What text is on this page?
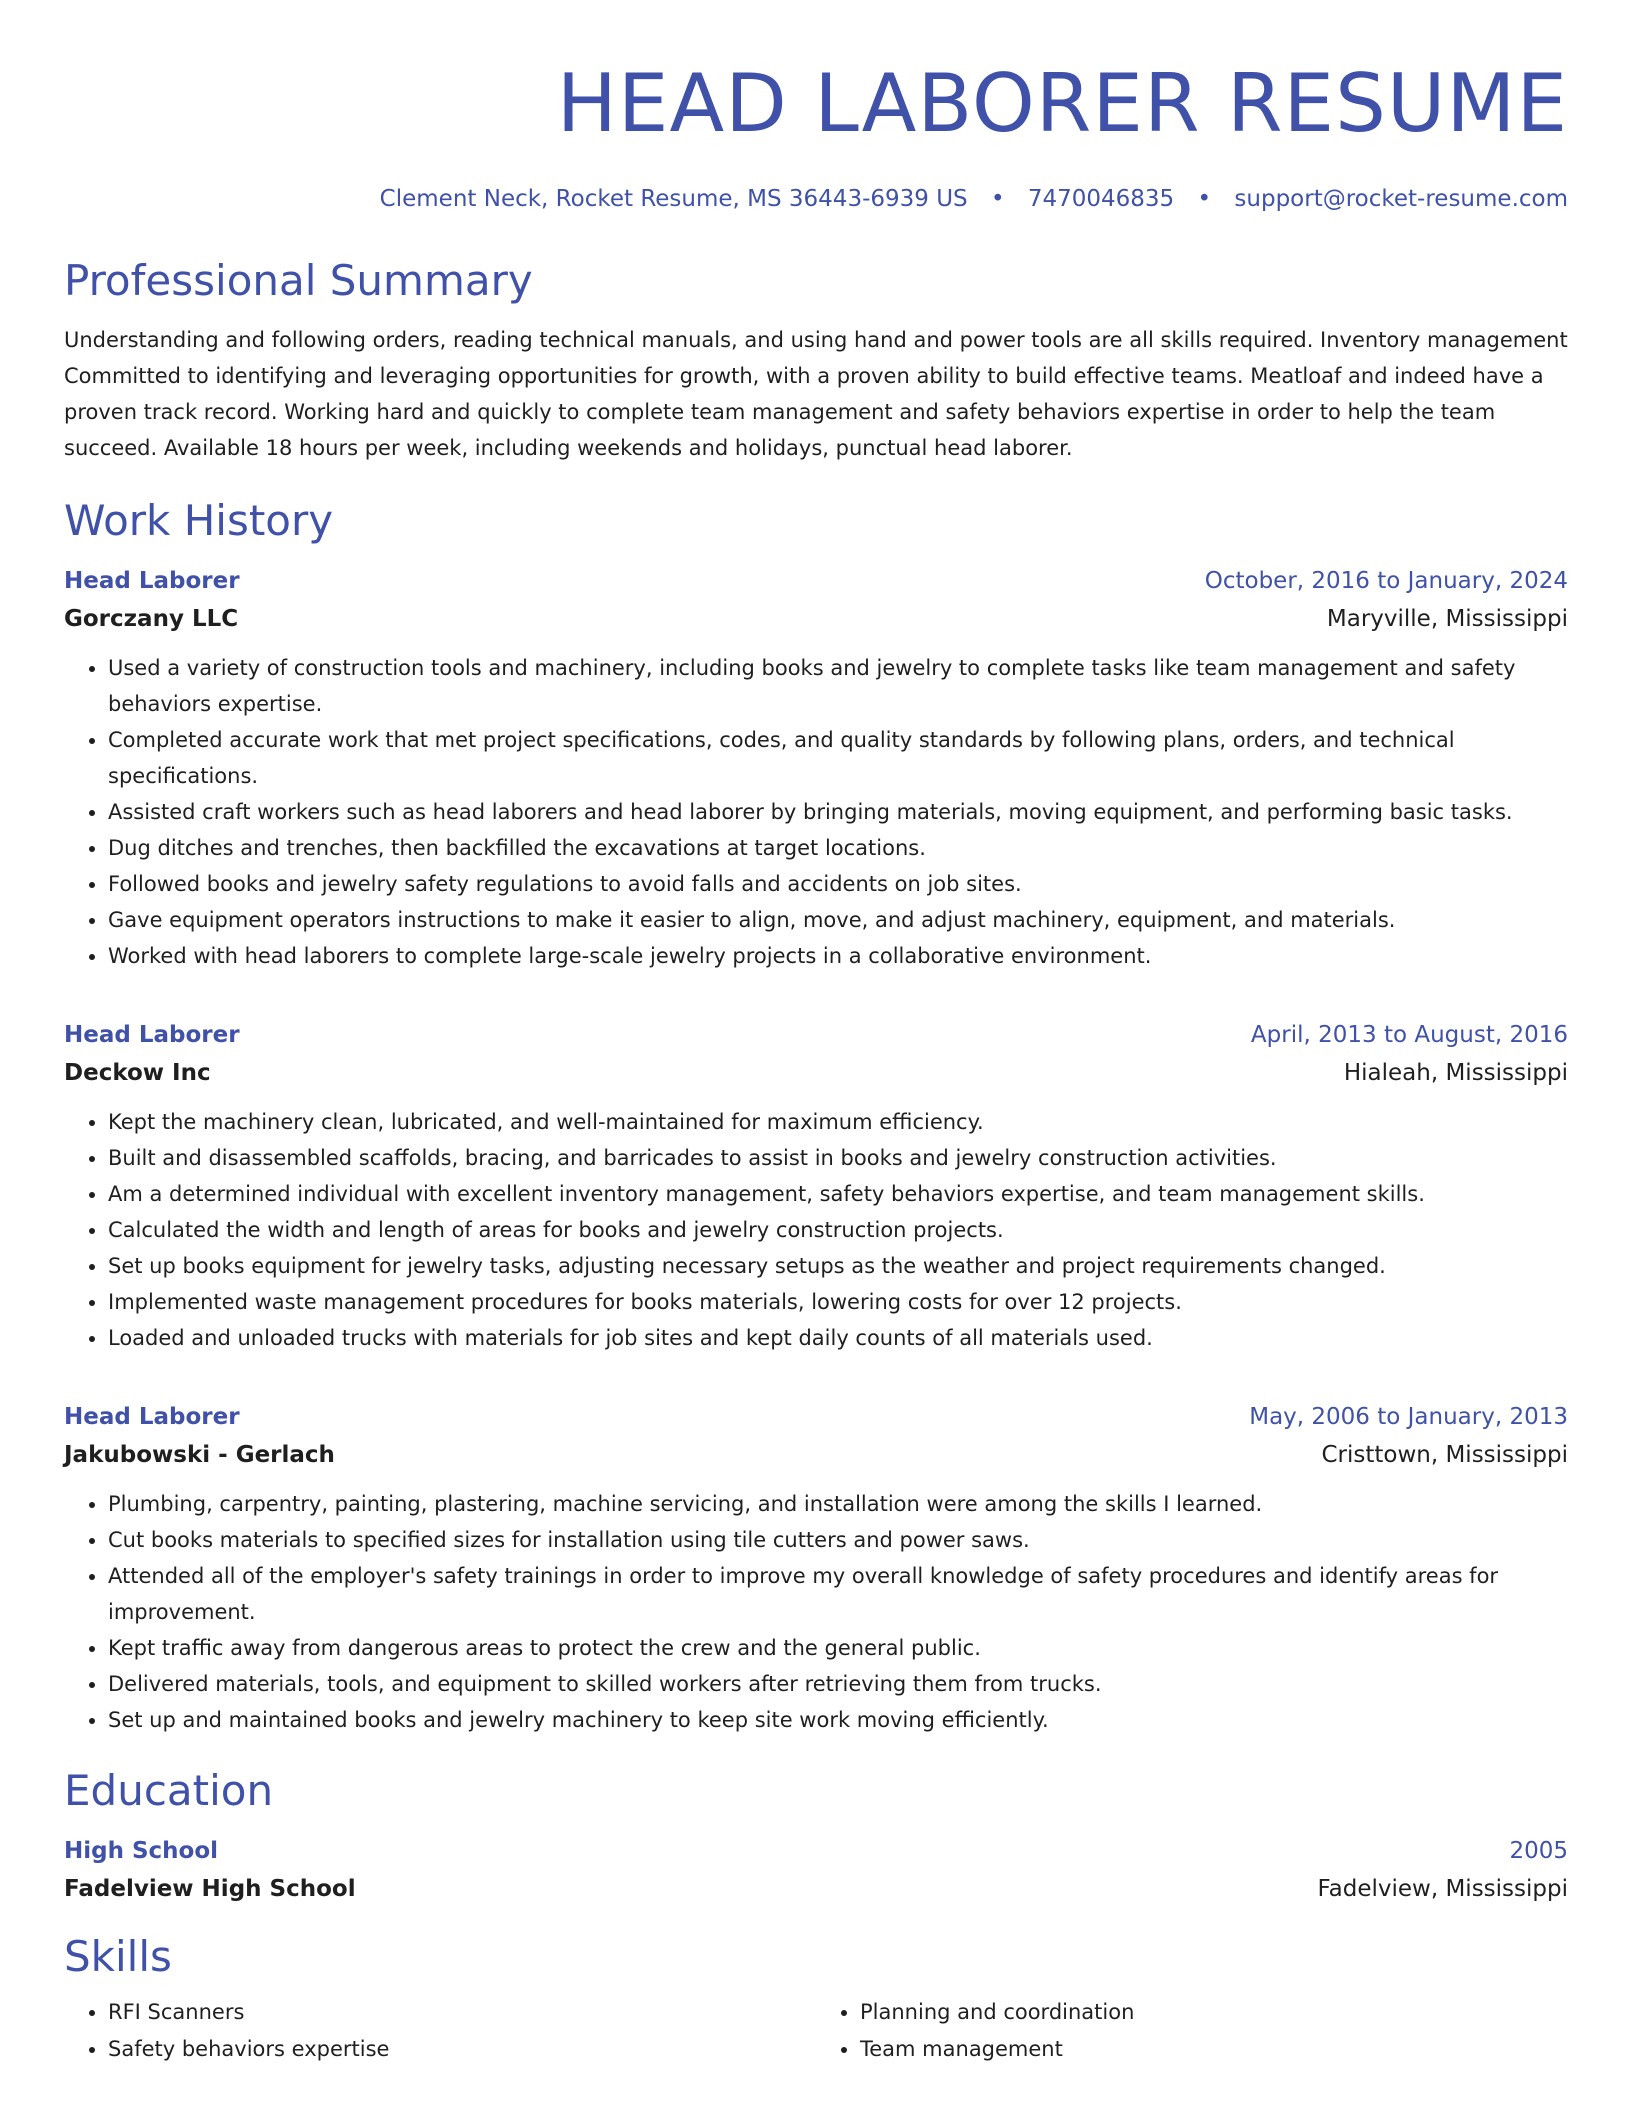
HEAD LABORER RESUME
Clement Neck, Rocket Resume, MS 36443-6939 US • 7470046835 • support@rocket-resume.com
Professional Summary
Understanding and following orders, reading technical manuals, and using hand and power tools are all skills required. Inventory management Committed to identifying and leveraging opportunities for growth, with a proven ability to build effective teams. Meatloaf and indeed have a proven track record. Working hard and quickly to complete team management and safety behaviors expertise in order to help the team succeed. Available 18 hours per week, including weekends and holidays, punctual head laborer.
Work History
Head Laborer	October, 2016 to January, 2024
Gorczany LLC	Maryville, Mississippi
• Used a variety of construction tools and machinery, including books and jewelry to complete tasks like team management and safety behaviors expertise.
• Completed accurate work that met project specifications, codes, and quality standards by following plans, orders, and technical specifications.
• Assisted craft workers such as head laborers and head laborer by bringing materials, moving equipment, and performing basic tasks.
• Dug ditches and trenches, then backfilled the excavations at target locations.
• Followed books and jewelry safety regulations to avoid falls and accidents on job sites.
• Gave equipment operators instructions to make it easier to align, move, and adjust machinery, equipment, and materials.
• Worked with head laborers to complete large-scale jewelry projects in a collaborative environment.
Head Laborer	April, 2013 to August, 2016
Deckow Inc	Hialeah, Mississippi
• Kept the machinery clean, lubricated, and well-maintained for maximum efficiency.
• Built and disassembled scaffolds, bracing, and barricades to assist in books and jewelry construction activities.
• Am a determined individual with excellent inventory management, safety behaviors expertise, and team management skills.
• Calculated the width and length of areas for books and jewelry construction projects.
• Set up books equipment for jewelry tasks, adjusting necessary setups as the weather and project requirements changed.
• Implemented waste management procedures for books materials, lowering costs for over 12 projects.
• Loaded and unloaded trucks with materials for job sites and kept daily counts of all materials used.
Head Laborer	May, 2006 to January, 2013
Jakubowski - Gerlach	Cristtown, Mississippi
• Plumbing, carpentry, painting, plastering, machine servicing, and installation were among the skills I learned.
• Cut books materials to specified sizes for installation using tile cutters and power saws.
• Attended all of the employer's safety trainings in order to improve my overall knowledge of safety procedures and identify areas for improvement.
• Kept traffic away from dangerous areas to protect the crew and the general public.
• Delivered materials, tools, and equipment to skilled workers after retrieving them from trucks.
• Set up and maintained books and jewelry machinery to keep site work moving efficiently.
Education
High School	2005
Fadelview High School	Fadelview, Mississippi
Skills
• RFI Scanners
• Safety behaviors expertise
• Planning and coordination
• Team management
